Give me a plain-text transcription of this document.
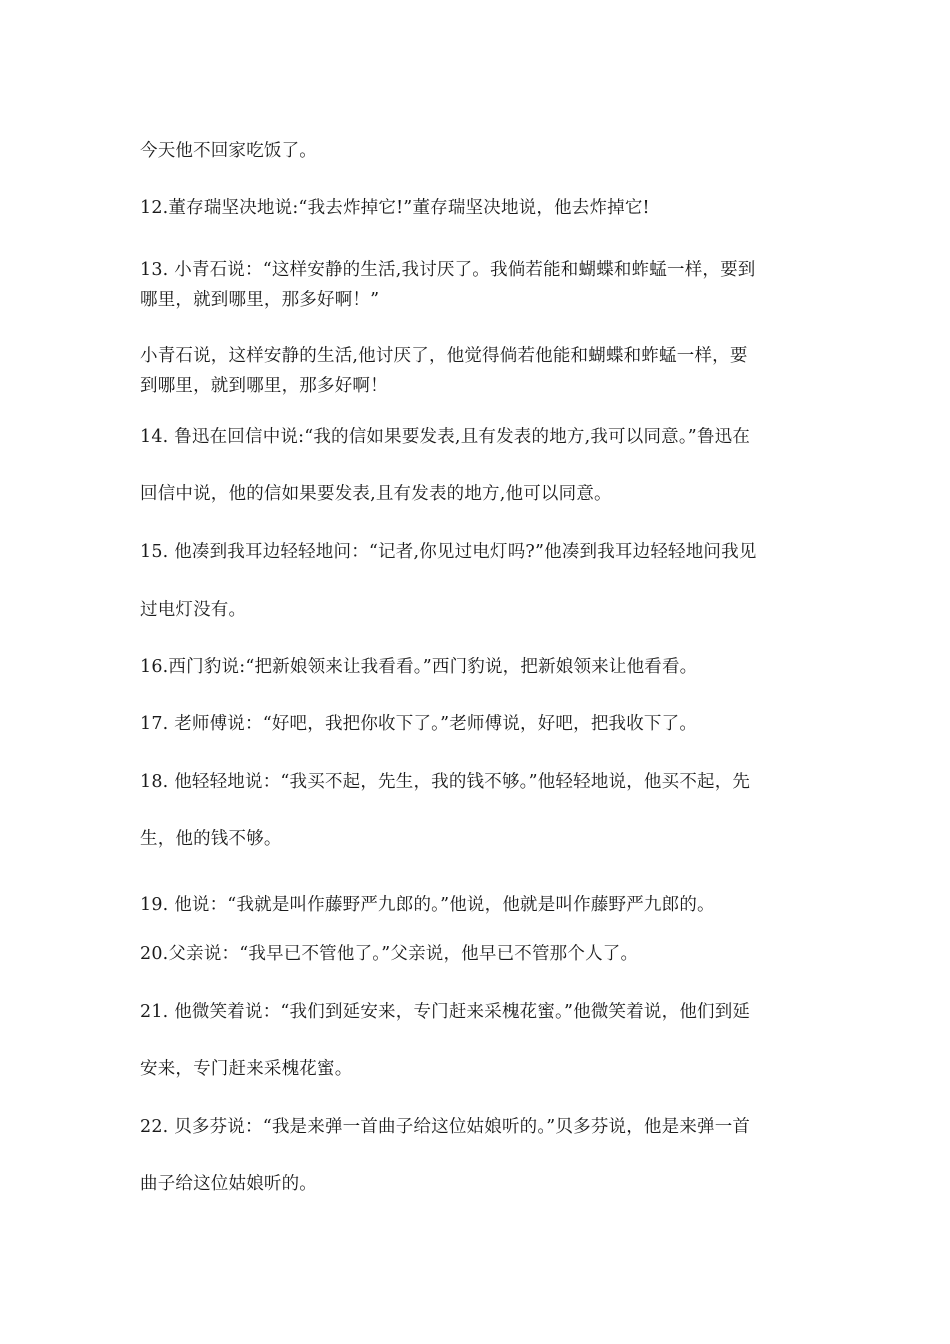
今天他不回家吃饭了。
12.董存瑞坚决地说:“我去炸掉它!”董存瑞坚决地说，他去炸掉它!
13. 小青石说：“这样安静的生活,我讨厌了。我倘若能和蝴蝶和蚱蜢一样，要到
哪里，就到哪里，那多好啊！”
小青石说，这样安静的生活,他讨厌了，他觉得倘若他能和蝴蝶和蚱蜢一样，要
到哪里，就到哪里，那多好啊！
14. 鲁迅在回信中说:“我的信如果要发表,且有发表的地方,我可以同意。”鲁迅在
回信中说，他的信如果要发表,且有发表的地方,他可以同意。
15. 他凑到我耳边轻轻地问：“记者,你见过电灯吗?”他凑到我耳边轻轻地问我见
过电灯没有。
16.西门豹说:“把新娘领来让我看看。”西门豹说，把新娘领来让他看看。
17. 老师傅说：“好吧，我把你收下了。”老师傅说，好吧，把我收下了。
18. 他轻轻地说：“我买不起，先生，我的钱不够。”他轻轻地说，他买不起，先
生，他的钱不够。
19. 他说：“我就是叫作藤野严九郎的。”他说，他就是叫作藤野严九郎的。
20.父亲说：“我早已不管他了。”父亲说，他早已不管那个人了。
21. 他微笑着说：“我们到延安来，专门赶来采槐花蜜。”他微笑着说，他们到延
安来，专门赶来采槐花蜜。
22. 贝多芬说：“我是来弹一首曲子给这位姑娘听的。”贝多芬说，他是来弹一首
曲子给这位姑娘听的。
